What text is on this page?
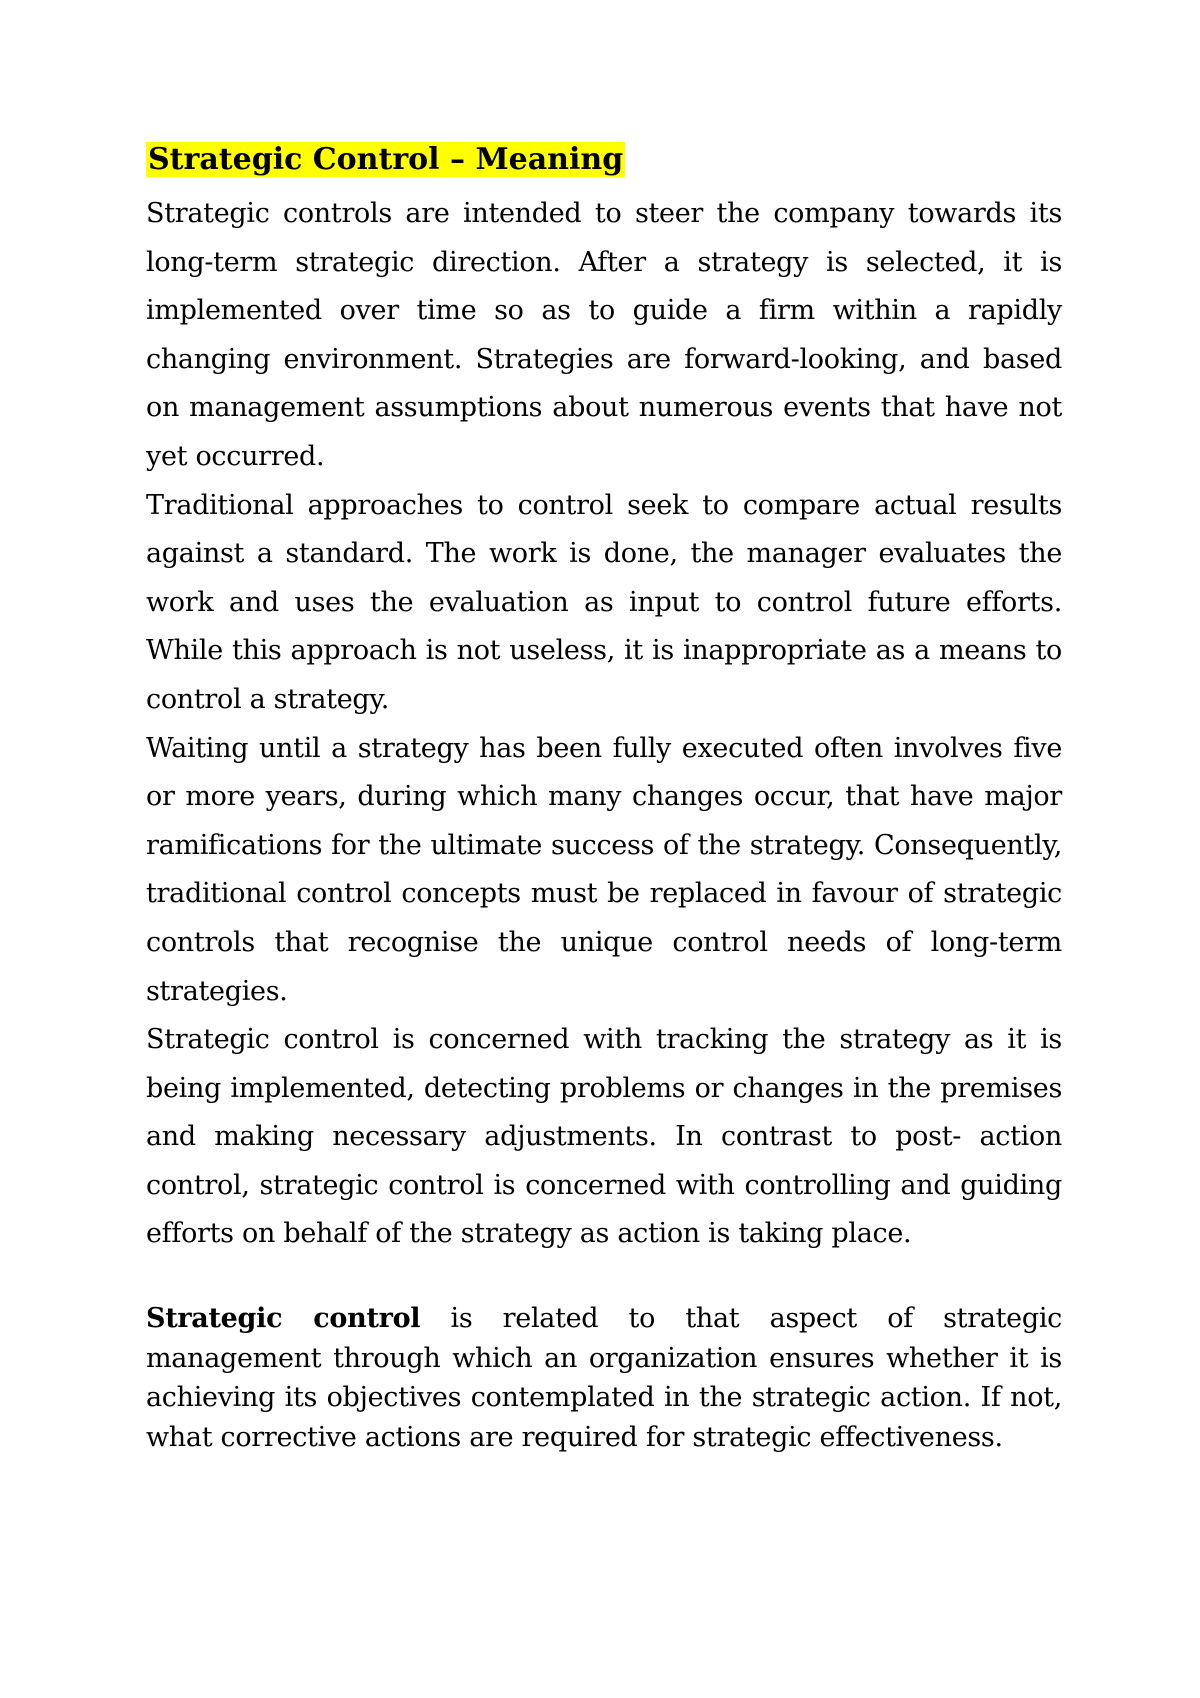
Strategic Control – Meaning

Strategic controls are intended to steer the company towards its long-term strategic direction. After a strategy is selected, it is implemented over time so as to guide a firm within a rapidly changing environment. Strategies are forward-looking, and based on management assumptions about numerous events that have not yet occurred.

Traditional approaches to control seek to compare actual results against a standard. The work is done, the manager evaluates the work and uses the evaluation as input to control future efforts. While this approach is not useless, it is inappropriate as a means to control a strategy.

Waiting until a strategy has been fully executed often involves five or more years, during which many changes occur, that have major ramifications for the ultimate success of the strategy. Consequently, traditional control concepts must be replaced in favour of strategic controls that recognise the unique control needs of long-term strategies.

Strategic control is concerned with tracking the strategy as it is being implemented, detecting problems or changes in the premises and making necessary adjustments. In contrast to post- action control, strategic control is concerned with controlling and guiding efforts on behalf of the strategy as action is taking place.

Strategic control is related to that aspect of strategic management through which an organization ensures whether it is achieving its objectives contemplated in the strategic action. If not, what corrective actions are required for strategic effectiveness.
